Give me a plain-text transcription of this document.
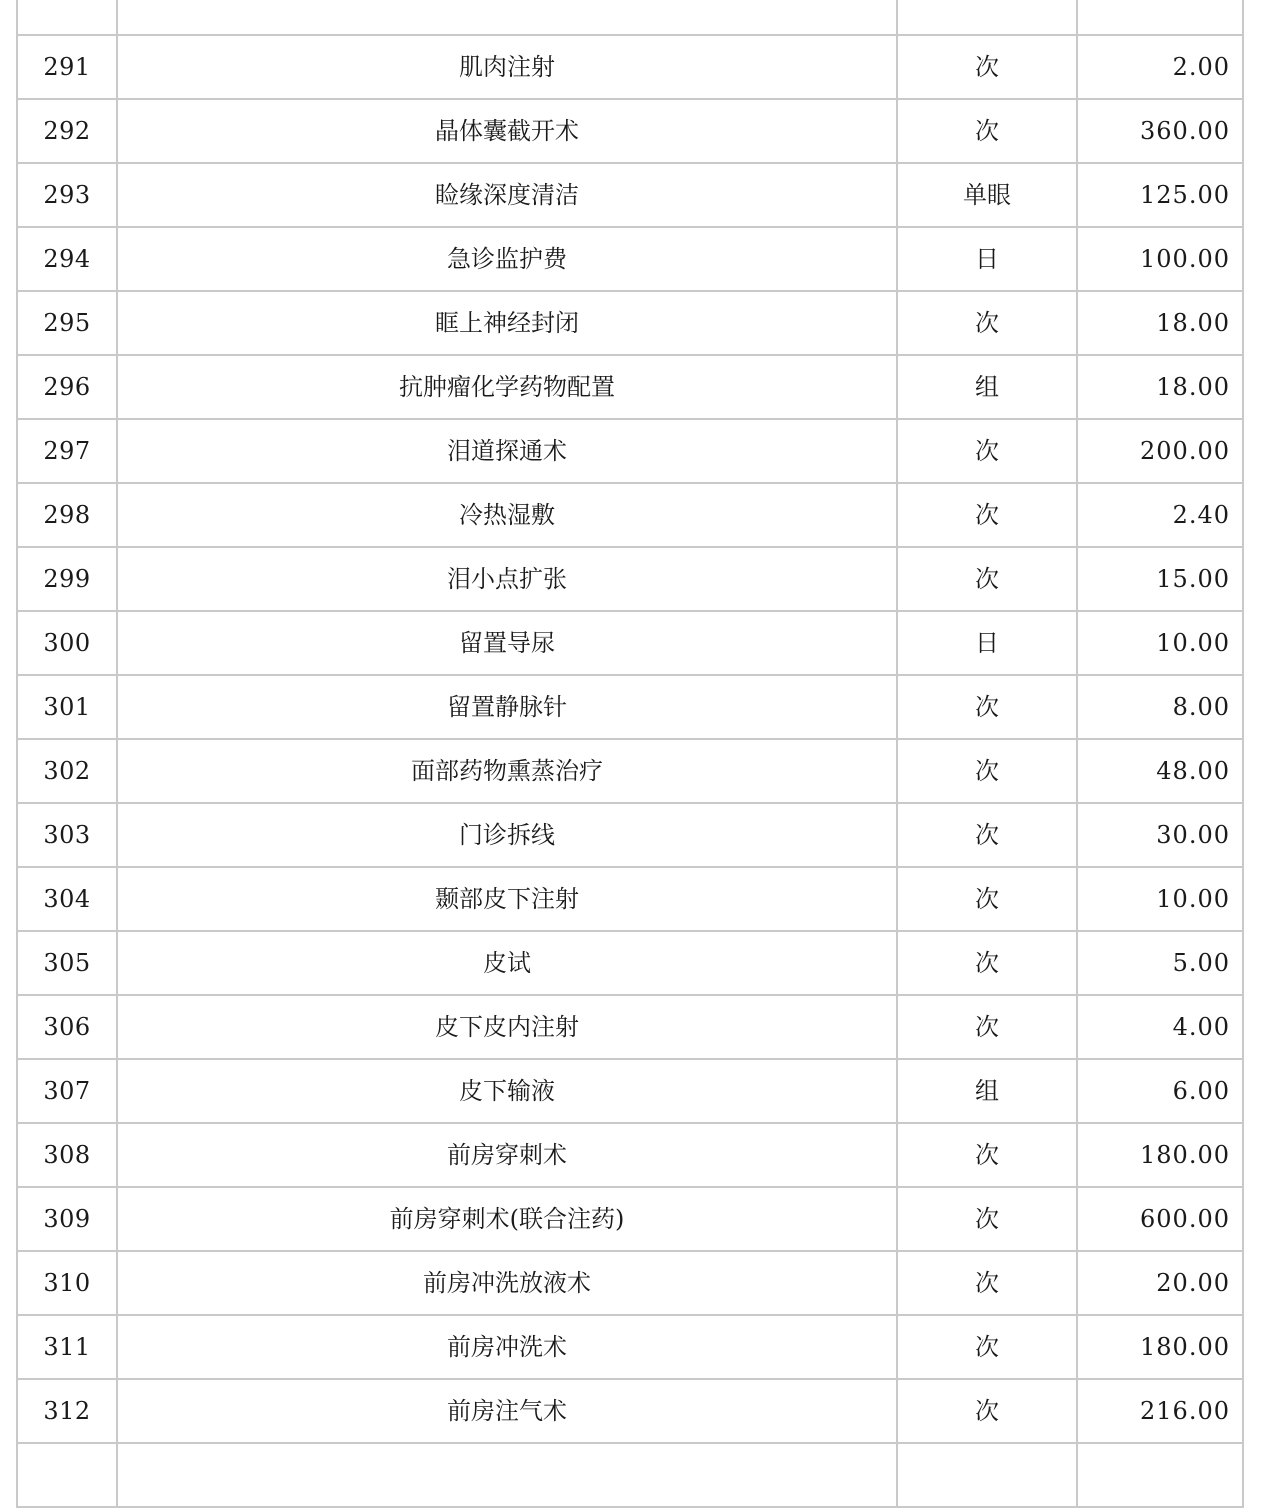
291	肌肉注射	次	2.00
292	晶体囊截开术	次	360.00
293	睑缘深度清洁	单眼	125.00
294	急诊监护费	日	100.00
295	眶上神经封闭	次	18.00
296	抗肿瘤化学药物配置	组	18.00
297	泪道探通术	次	200.00
298	冷热湿敷	次	2.40
299	泪小点扩张	次	15.00
300	留置导尿	日	10.00
301	留置静脉针	次	8.00
302	面部药物熏蒸治疗	次	48.00
303	门诊拆线	次	30.00
304	颞部皮下注射	次	10.00
305	皮试	次	5.00
306	皮下皮内注射	次	4.00
307	皮下输液	组	6.00
308	前房穿刺术	次	180.00
309	前房穿刺术(联合注药)	次	600.00
310	前房冲洗放液术	次	20.00
311	前房冲洗术	次	180.00
312	前房注气术	次	216.00
